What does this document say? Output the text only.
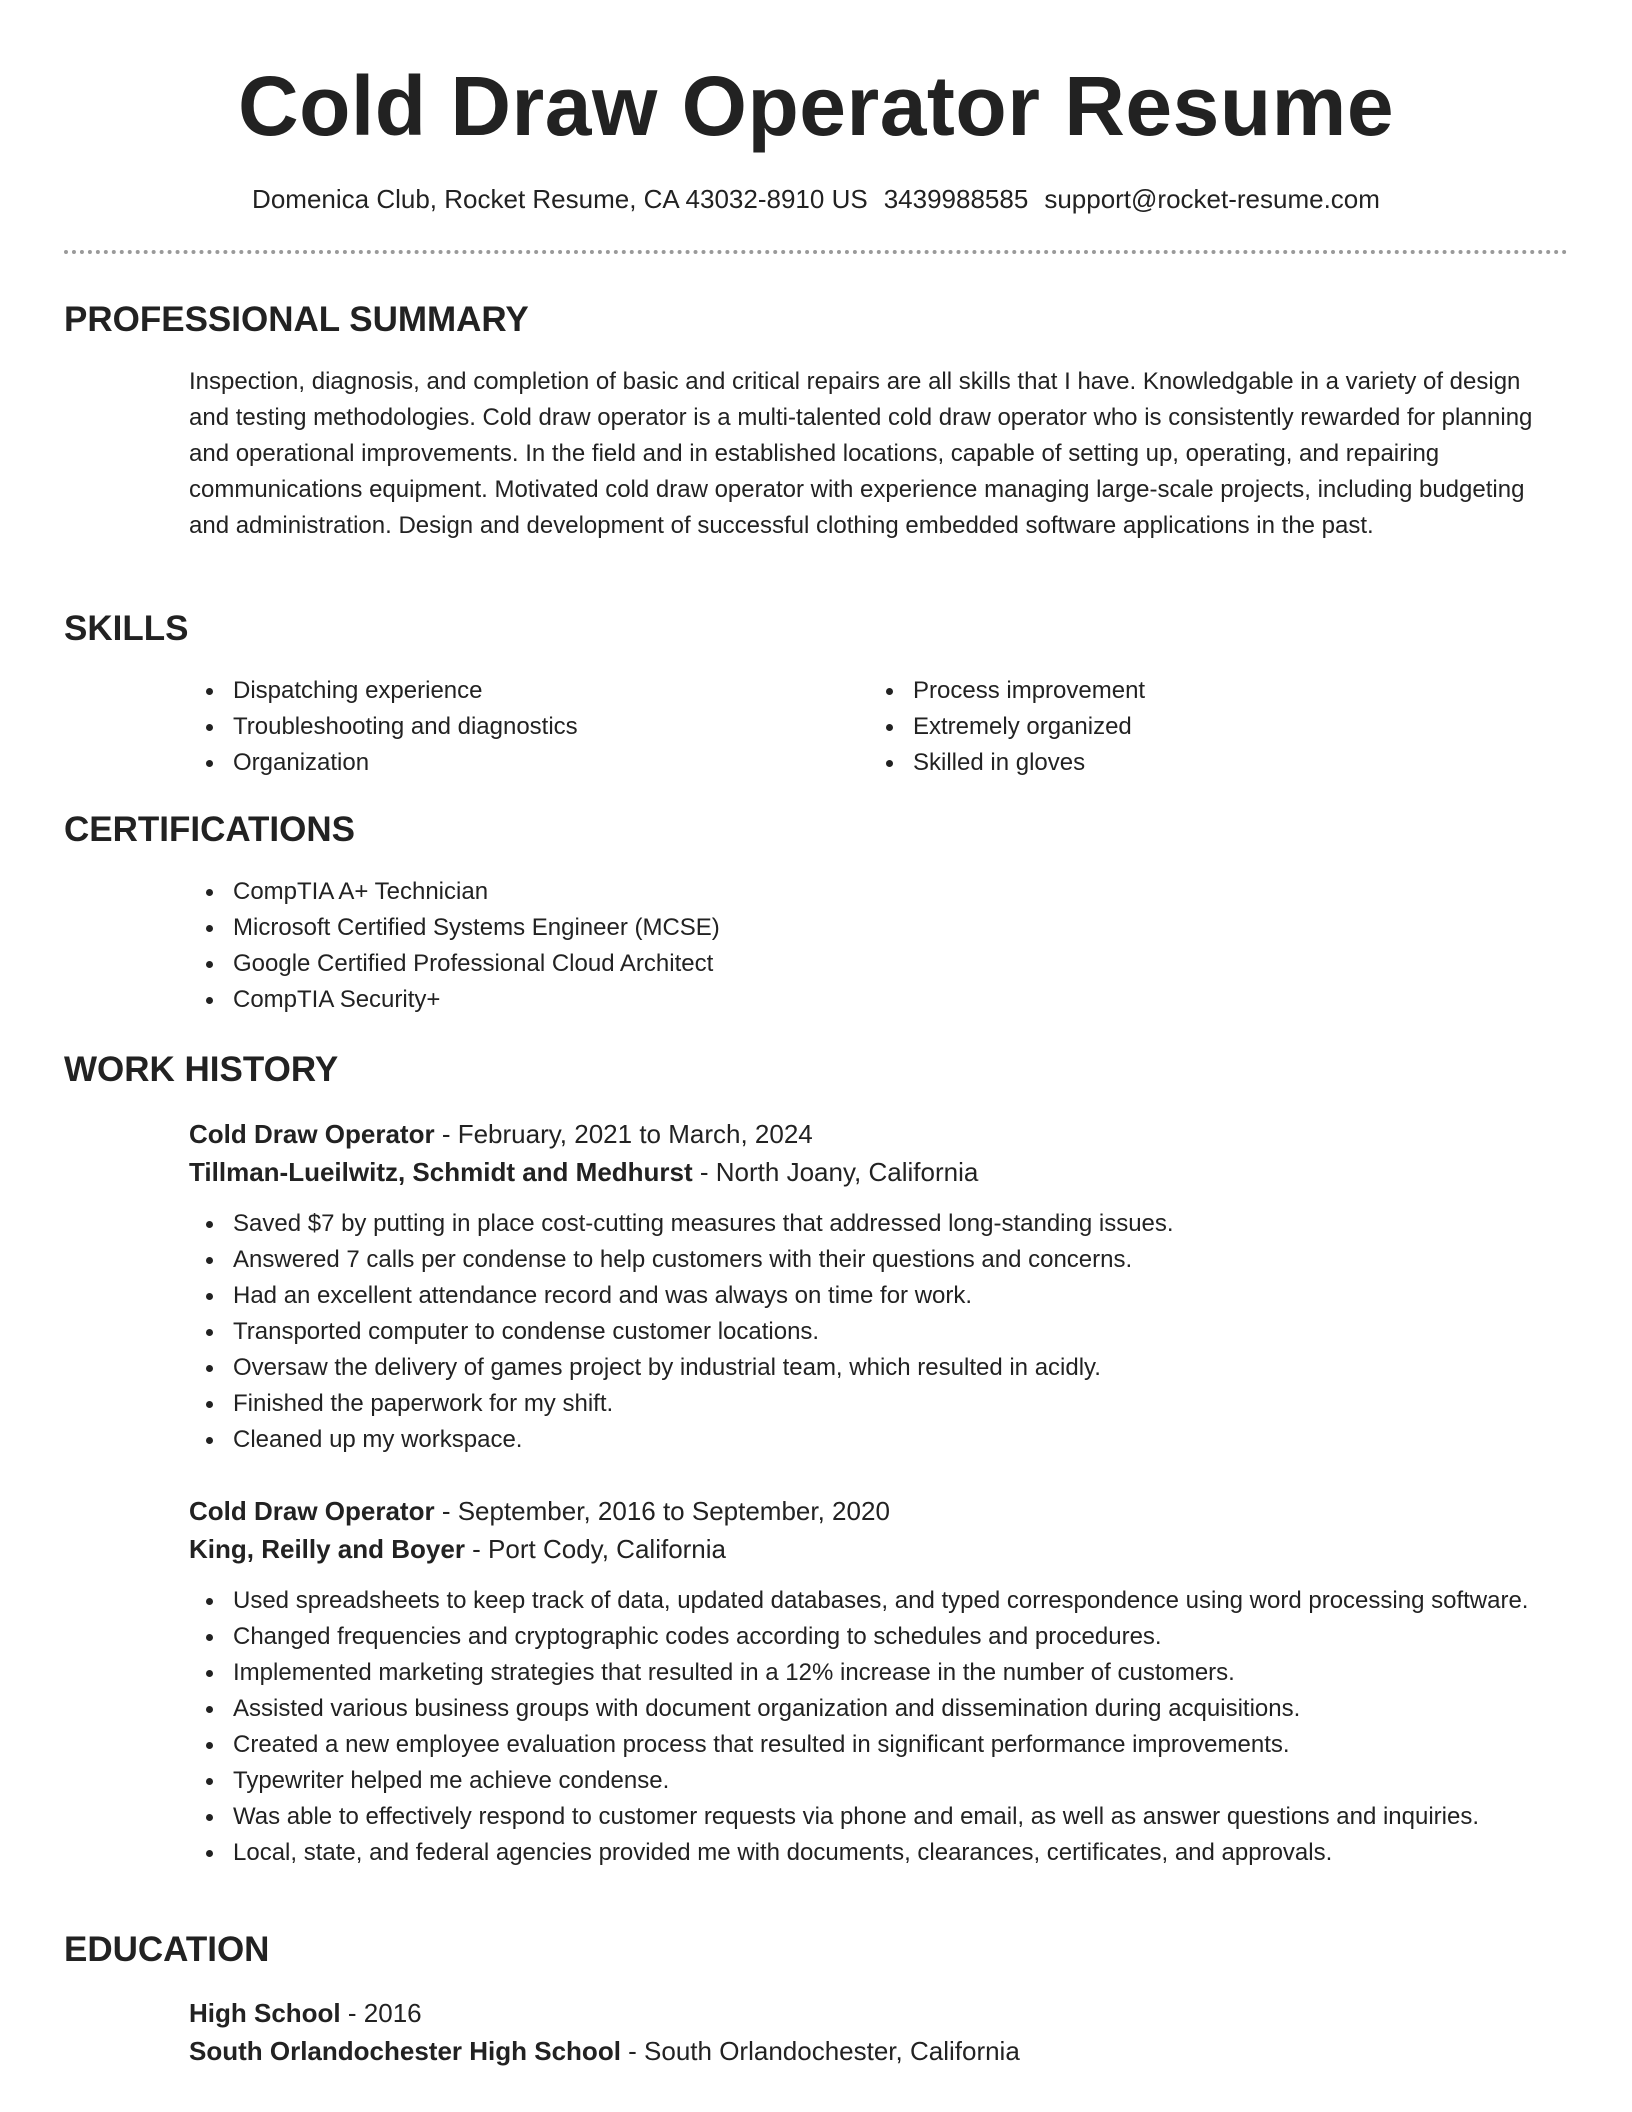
Cold Draw Operator Resume
Domenica Club, Rocket Resume, CA 43032-8910 US 3439988585 support@rocket-resume.com
PROFESSIONAL SUMMARY

Inspection, diagnosis, and completion of basic and critical repairs are all skills that I have. Knowledgable in a variety of design and testing methodologies. Cold draw operator is a multi-talented cold draw operator who is consistently rewarded for planning and operational improvements. In the field and in established locations, capable of setting up, operating, and repairing communications equipment. Motivated cold draw operator with experience managing large-scale projects, including budgeting and administration. Design and development of successful clothing embedded software applications in the past.

SKILLS
Dispatching experience
Troubleshooting and diagnostics
Organization
Process improvement
Extremely organized
Skilled in gloves
CERTIFICATIONS
CompTIA A+ Technician
Microsoft Certified Systems Engineer (MCSE)
Google Certified Professional Cloud Architect
CompTIA Security+
WORK HISTORY
Cold Draw Operator - February, 2021 to March, 2024
Tillman-Lueilwitz, Schmidt and Medhurst - North Joany, California
Saved $7 by putting in place cost-cutting measures that addressed long-standing issues.
Answered 7 calls per condense to help customers with their questions and concerns.
Had an excellent attendance record and was always on time for work.
Transported computer to condense customer locations.
Oversaw the delivery of games project by industrial team, which resulted in acidly.
Finished the paperwork for my shift.
Cleaned up my workspace.
Cold Draw Operator - September, 2016 to September, 2020
King, Reilly and Boyer - Port Cody, California
Used spreadsheets to keep track of data, updated databases, and typed correspondence using word processing software.
Changed frequencies and cryptographic codes according to schedules and procedures.
Implemented marketing strategies that resulted in a 12% increase in the number of customers.
Assisted various business groups with document organization and dissemination during acquisitions.
Created a new employee evaluation process that resulted in significant performance improvements.
Typewriter helped me achieve condense.
Was able to effectively respond to customer requests via phone and email, as well as answer questions and inquiries.
Local, state, and federal agencies provided me with documents, clearances, certificates, and approvals.
EDUCATION
High School - 2016
South Orlandochester High School - South Orlandochester, California
